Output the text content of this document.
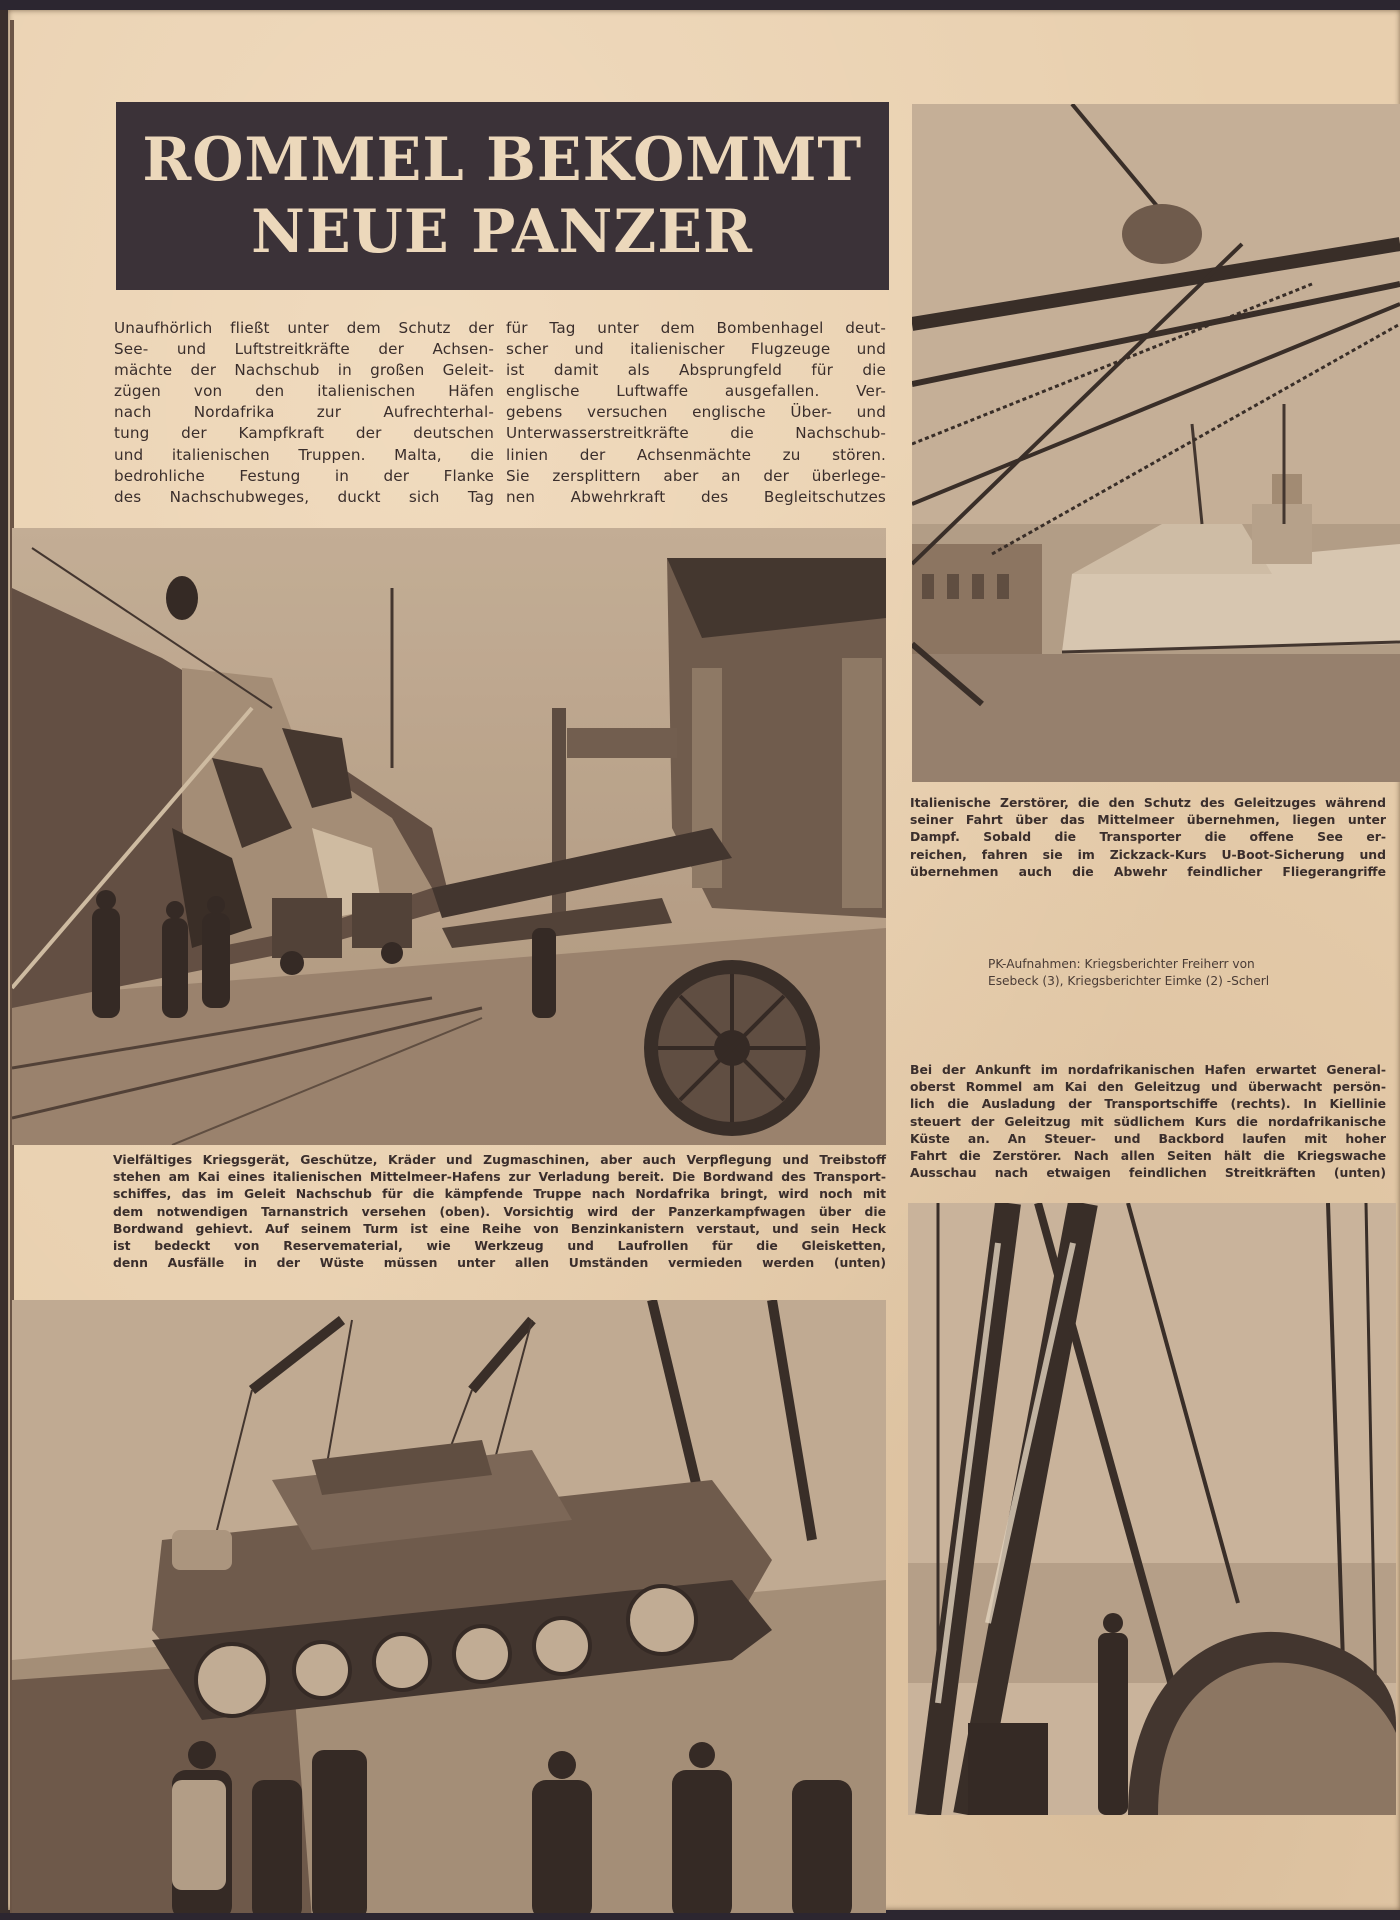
ROMMEL BEKOMMT
NEUE PANZER
Unaufhörlich fließt unter dem Schutz der
See- und Luftstreitkräfte der Achsen-
mächte der Nachschub in großen Geleit-
zügen von den italienischen Häfen
nach Nordafrika zur Aufrechterhal-
tung der Kampfkraft der deutschen
und italienischen Truppen. Malta, die
bedrohliche Festung in der Flanke
des Nachschubweges, duckt sich Tag
für Tag unter dem Bombenhagel deut-
scher und italienischer Flugzeuge und
ist damit als Absprungfeld für die
englische Luftwaffe ausgefallen. Ver-
gebens versuchen englische Über- und
Unterwasserstreitkräfte die Nachschub-
linien der Achsenmächte zu stören.
Sie zersplittern aber an der überlege-
nen Abwehrkraft des Begleitschutzes
Vielfältiges Kriegsgerät, Geschütze, Kräder und Zugmaschinen, aber auch Verpflegung und Treibstoff
stehen am Kai eines italienischen Mittelmeer-Hafens zur Verladung bereit. Die Bordwand des Transport-
schiffes, das im Geleit Nachschub für die kämpfende Truppe nach Nordafrika bringt, wird noch mit
dem notwendigen Tarnanstrich versehen (oben). Vorsichtig wird der Panzerkampfwagen über die
Bordwand gehievt. Auf seinem Turm ist eine Reihe von Benzinkanistern verstaut, und sein Heck
ist bedeckt von Reservematerial, wie Werkzeug und Laufrollen für die Gleisketten,
denn Ausfälle in der Wüste müssen unter allen Umständen vermieden werden (unten)
Italienische Zerstörer, die den Schutz des Geleitzuges während
seiner Fahrt über das Mittelmeer übernehmen, liegen unter
Dampf. Sobald die Transporter die offene See er-
reichen, fahren sie im Zickzack-Kurs U-Boot-Sicherung und
übernehmen auch die Abwehr feindlicher Fliegerangriffe
PK-Aufnahmen: Kriegsberichter Freiherr von
Esebeck (3), Kriegsberichter Eimke (2) -Scherl
Bei der Ankunft im nordafrikanischen Hafen erwartet General-
oberst Rommel am Kai den Geleitzug und überwacht persön-
lich die Ausladung der Transportschiffe (rechts). In Kiellinie
steuert der Geleitzug mit südlichem Kurs die nordafrikanische
Küste an. An Steuer- und Backbord laufen mit hoher
Fahrt die Zerstörer. Nach allen Seiten hält die Kriegswache
Ausschau nach etwaigen feindlichen Streitkräften (unten)
